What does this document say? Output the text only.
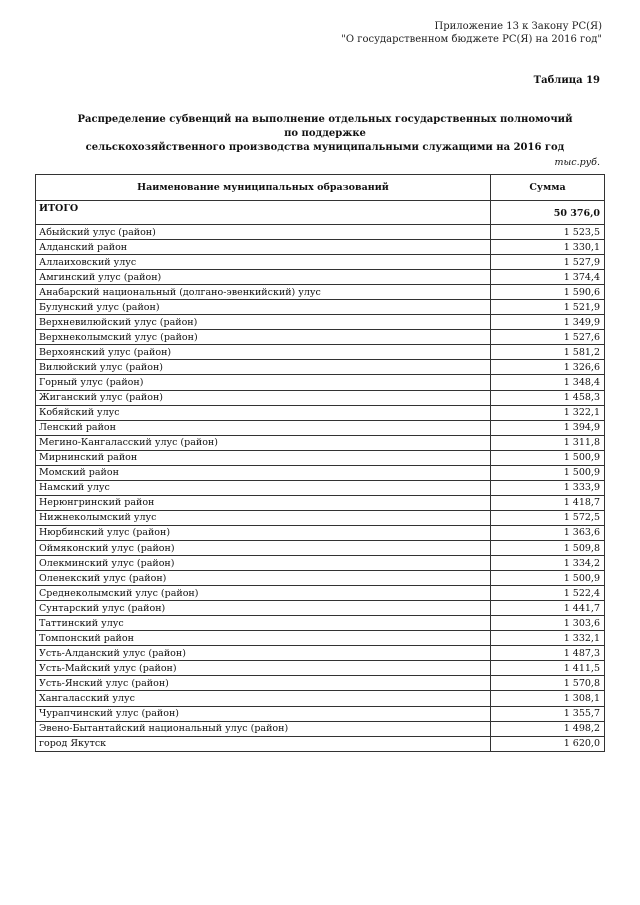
Приложение 13 к Закону РС(Я)
"О государственном бюджете РС(Я) на 2016 год"
Таблица 19
Распределение субвенций на выполнение отдельных государственных полномочий по поддержке
сельскохозяйственного производства муниципальными служащими на 2016 год
тыс.руб.
Наименование муниципальных образований	Сумма
ИТОГО	50 376,0
Абыйский улус (район)	1 523,5
Алданский район	1 330,1
Аллаиховский улус	1 527,9
Амгинский улус (район)	1 374,4
Анабарский национальный (долгано-эвенкийский) улус	1 590,6
Булунский улус (район)	1 521,9
Верхневилюйский улус (район)	1 349,9
Верхнеколымский улус (район)	1 527,6
Верхоянский улус (район)	1 581,2
Вилюйский улус (район)	1 326,6
Горный улус (район)	1 348,4
Жиганский улус (район)	1 458,3
Кобяйский улус	1 322,1
Ленский район	1 394,9
Мегино-Кангаласский улус (район)	1 311,8
Мирнинский район	1 500,9
Момский район	1 500,9
Намский улус	1 333,9
Нерюнгринский район	1 418,7
Нижнеколымский улус	1 572,5
Нюрбинский улус (район)	1 363,6
Оймяконский улус (район)	1 509,8
Олекминский улус (район)	1 334,2
Оленекский улус (район)	1 500,9
Среднеколымский улус (район)	1 522,4
Сунтарский улус (район)	1 441,7
Таттинский улус	1 303,6
Томпонский район	1 332,1
Усть-Алданский улус (район)	1 487,3
Усть-Майский улус (район)	1 411,5
Усть-Янский улус (район)	1 570,8
Хангаласский улус	1 308,1
Чурапчинский улус (район)	1 355,7
Эвено-Бытантайский национальный улус (район)	1 498,2
город Якутск	1 620,0
